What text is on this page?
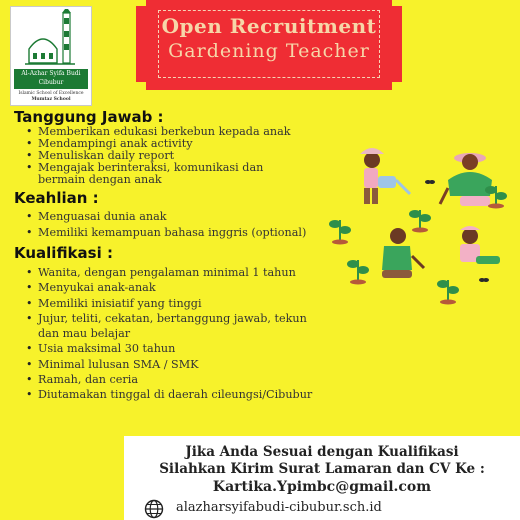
Al-Azhar Syifa Budi
Cibubur
Islamic School of Excellence
Mumtaz School
Open Recruitment
Gardening Teacher
Tanggung Jawab :
• Memberikan edukasi berkebun kepada anak
• Mendampingi anak activity
• Menuliskan daily report
• Mengajak berinteraksi, komunikasi dan bermain dengan anak
Keahlian :
• Menguasai dunia anak
• Memiliki kemampuan bahasa inggris (optional)
Kualifikasi :
• Wanita, dengan pengalaman minimal 1 tahun
• Menyukai anak-anak
• Memiliki inisiatif yang tinggi
• Jujur, teliti, cekatan, bertanggung jawab, tekun dan mau belajar
• Usia maksimal 30 tahun
• Minimal lulusan SMA / SMK
• Ramah, dan ceria
• Diutamakan tinggal di daerah cileungsi/Cibubur
Jika Anda Sesuai dengan Kualifikasi
Silahkan Kirim Surat Lamaran dan CV Ke :
Kartika.Ypimbc@gmail.com
alazharsyifabudi-cibubur.sch.id
